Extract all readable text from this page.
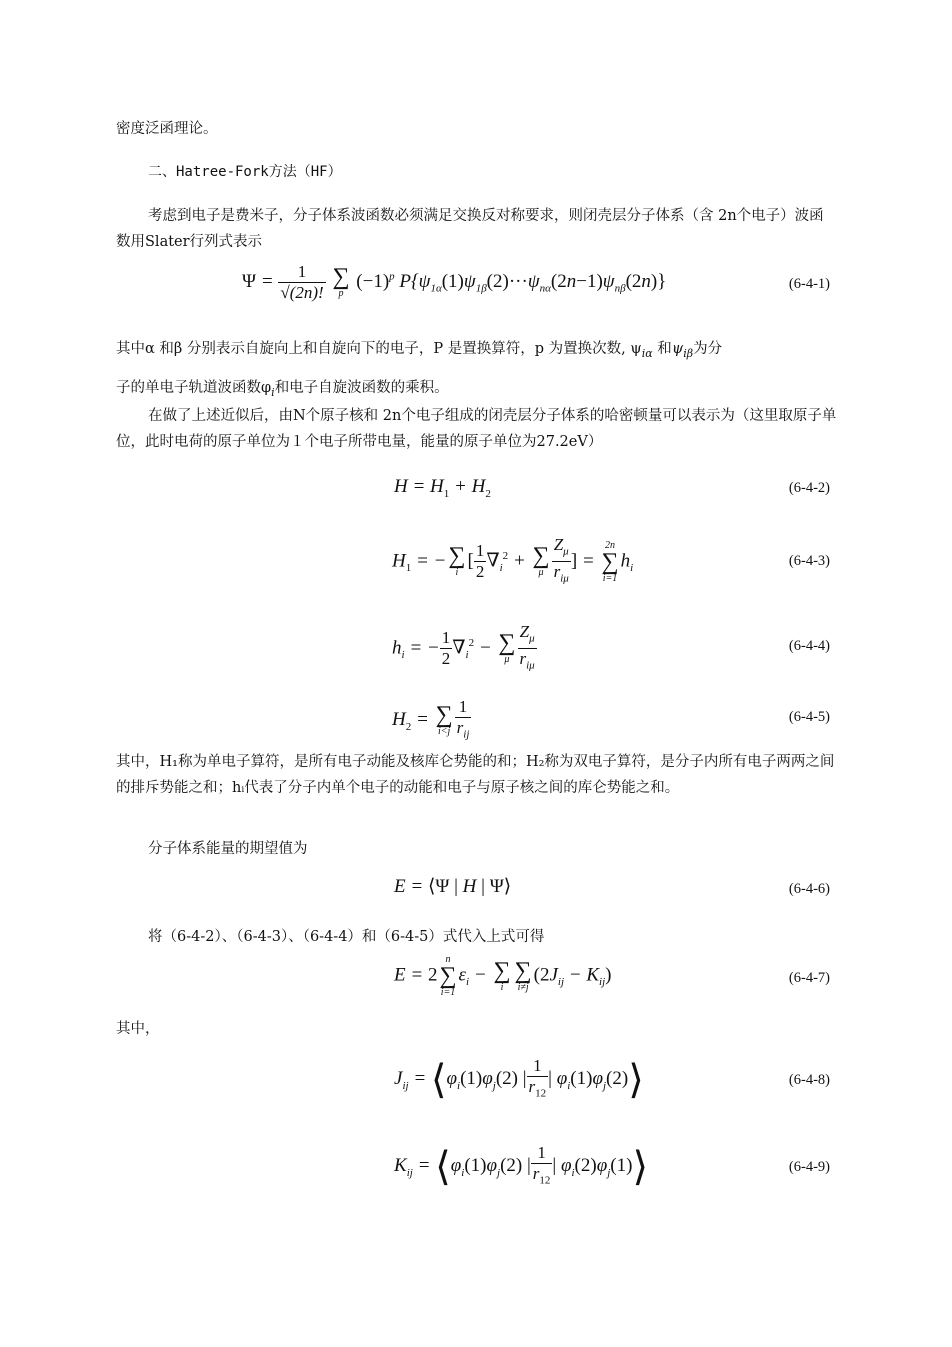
密度泛函理论。

二、Hatree-Fork方法（HF）

考虑到电子是费米子，分子体系波函数必须满足交换反对称要求，则闭壳层分子体系（含 2n个电子）波函数用Slater行列式表示

$\Psi = \frac{1}{√(2n)!}$
∑
p
$(-1)^p$ $P\{\psi_{1\alpha}(1)\psi_{1\beta}(2)\cdot\cdot\cdot\psi_{n\alpha}(2n-1)\psi_{n\beta}(2n)\}$	(6-4-1)

其中α 和β 分别表示自旋向上和自旋向下的电子，P 是置换算符，p 为置换次数, $\psi_{i\alpha}$ 和$\psi_{i\beta}$为分

子的单电子轨道波函数$\varphi_i$和电子自旋波函数的乘积。

在做了上述近似后，由N个原子核和 2n个电子组成的闭壳层分子体系的哈密顿量可以表示为（这里取原子单位，此时电荷的原子单位为１个电子所带电量，能量的原子单位为27.2eV）

$H = H_1 + H_2$	(6-4-2)
$H_1$ = − ∑
i
[ $\frac{1}{2} \nabla_i^2$ + ∑
μ $\frac{Z_\mu}{r_{i\mu}}$ ] =
2n
∑
i=1
$h_i$	(6-4-3)
$h_i$ = − $\frac{1}{2} \nabla_i^2$ − ∑
μ $\frac{Z_\mu}{r_{i\mu}}$	(6-4-4)
$H_2$ = ∑
$i<j \frac{1}{r_{ij}}$	(6-4-5)

其中，H₁称为单电子算符，是所有电子动能及核库仑势能的和；H₂称为双电子算符，是分子内所有电子两两之间的排斥势能之和；hᵢ代表了分子内单个电子的动能和电子与原子核之间的库仑势能之和。

分子体系能量的期望值为

E = ⟨Ψ | H | Ψ⟩	(6-4-6)

将（6-4-2）、（6-4-3）、（6-4-4）和（6-4-5）式代入上式可得

E = 2
n
∑
i=1
$\varepsilon_i$ − ∑
i
∑
i≠j
$(2J_{ij} - K_{ij})$	(6-4-7)

其中，

$J_{ij}$ = $⟨\varphi_i(1)\varphi_j(2)$ | $\frac{1}{r_{12}}$ | $\varphi_i(1)\varphi_j(2)⟩$	(6-4-8)
$K_{ij}$ = $⟨\varphi_i(1)\varphi_j(2)$ | $\frac{1}{r_{12}}$ | $\varphi_i(2)\varphi_j(1)⟩$	(6-4-9)
